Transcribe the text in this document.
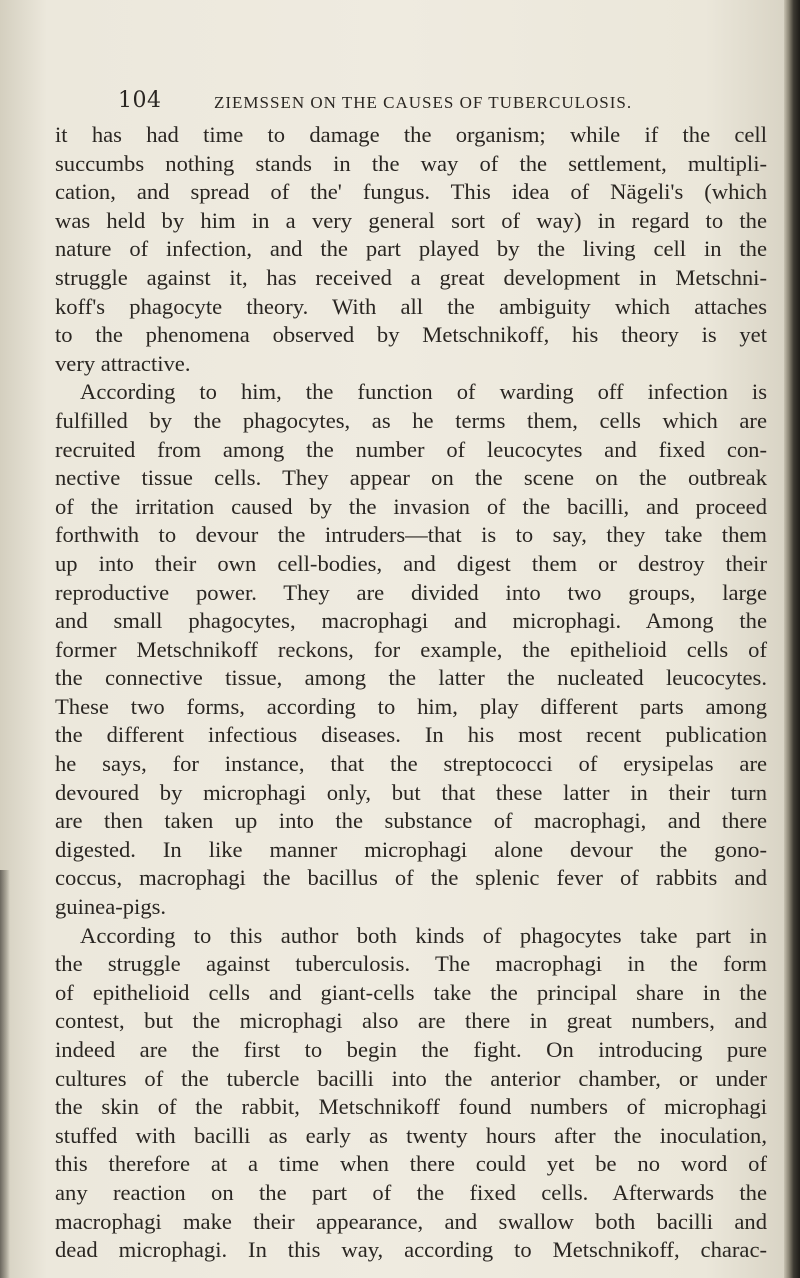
104	ZIEMSSEN ON THE CAUSES OF TUBERCULOSIS.
it has had time to damage the organism; while if the cell
succumbs nothing stands in the way of the settlement, multipli-
cation, and spread of the' fungus. This idea of Nägeli's (which
was held by him in a very general sort of way) in regard to the
nature of infection, and the part played by the living cell in the
struggle against it, has received a great development in Metschni-
koff's phagocyte theory. With all the ambiguity which attaches
to the phenomena observed by Metschnikoff, his theory is yet
very attractive.
According to him, the function of warding off infection is
fulfilled by the phagocytes, as he terms them, cells which are
recruited from among the number of leucocytes and fixed con-
nective tissue cells. They appear on the scene on the outbreak
of the irritation caused by the invasion of the bacilli, and proceed
forthwith to devour the intruders—that is to say, they take them
up into their own cell-bodies, and digest them or destroy their
reproductive power. They are divided into two groups, large
and small phagocytes, macrophagi and microphagi. Among the
former Metschnikoff reckons, for example, the epithelioid cells of
the connective tissue, among the latter the nucleated leucocytes.
These two forms, according to him, play different parts among
the different infectious diseases. In his most recent publication
he says, for instance, that the streptococci of erysipelas are
devoured by microphagi only, but that these latter in their turn
are then taken up into the substance of macrophagi, and there
digested. In like manner microphagi alone devour the gono-
coccus, macrophagi the bacillus of the splenic fever of rabbits and
guinea-pigs.
According to this author both kinds of phagocytes take part in
the struggle against tuberculosis. The macrophagi in the form
of epithelioid cells and giant-cells take the principal share in the
contest, but the microphagi also are there in great numbers, and
indeed are the first to begin the fight. On introducing pure
cultures of the tubercle bacilli into the anterior chamber, or under
the skin of the rabbit, Metschnikoff found numbers of microphagi
stuffed with bacilli as early as twenty hours after the inoculation,
this therefore at a time when there could yet be no word of
any reaction on the part of the fixed cells. Afterwards the
macrophagi make their appearance, and swallow both bacilli and
dead microphagi. In this way, according to Metschnikoff, charac-
